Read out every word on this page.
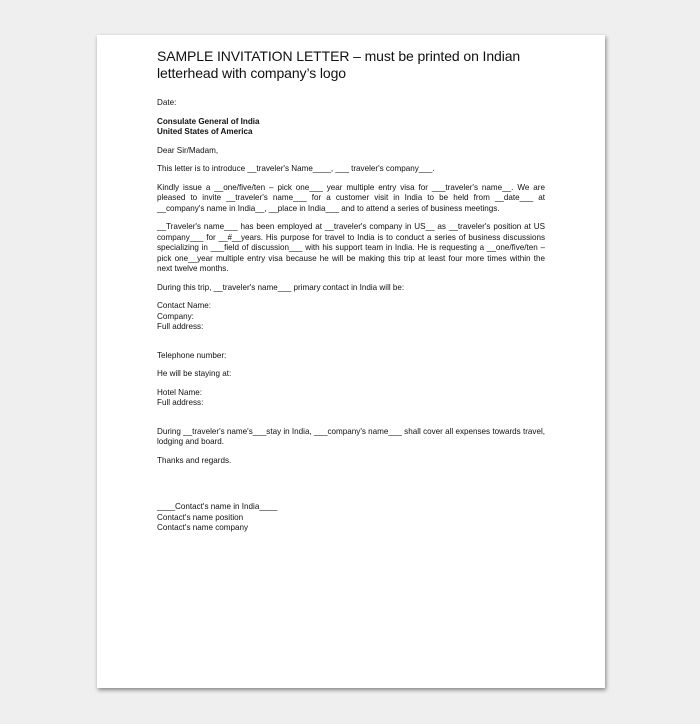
SAMPLE INVITATION LETTER – must be printed on Indian letterhead with company’s logo

Date:

Consulate General of India

United States of America

Dear Sir/Madam,

This letter is to introduce __traveler's Name____, ___ traveler's company___.

Kindly issue a __one/five/ten – pick one___ year multiple entry visa for ___traveler's name__. We are pleased to invite __traveler's name___ for a customer visit in India to be held from __date___ at __company's name in India__, __place in India___ and to attend a series of business meetings.

__Traveler's name___ has been employed at __traveler's company in US__ as __traveler's position at US company___ for __#__years. His purpose for travel to India is to conduct a series of business discussions specializing in ___field of discussion___ with his support team in India. He is requesting a __one/five/ten – pick one__year multiple entry visa because he will be making this trip at least four more times within the next twelve months.

During this trip, __traveler's name___ primary contact in India will be:

Contact Name:

Company:

Full address:

Telephone number:

He will be staying at:

Hotel Name:

Full address:

During __traveler's name's___stay in India, ___company's name___ shall cover all expenses towards travel, lodging and board.

Thanks and regards.

____Contact's name in India____

Contact's name position

Contact's name company
